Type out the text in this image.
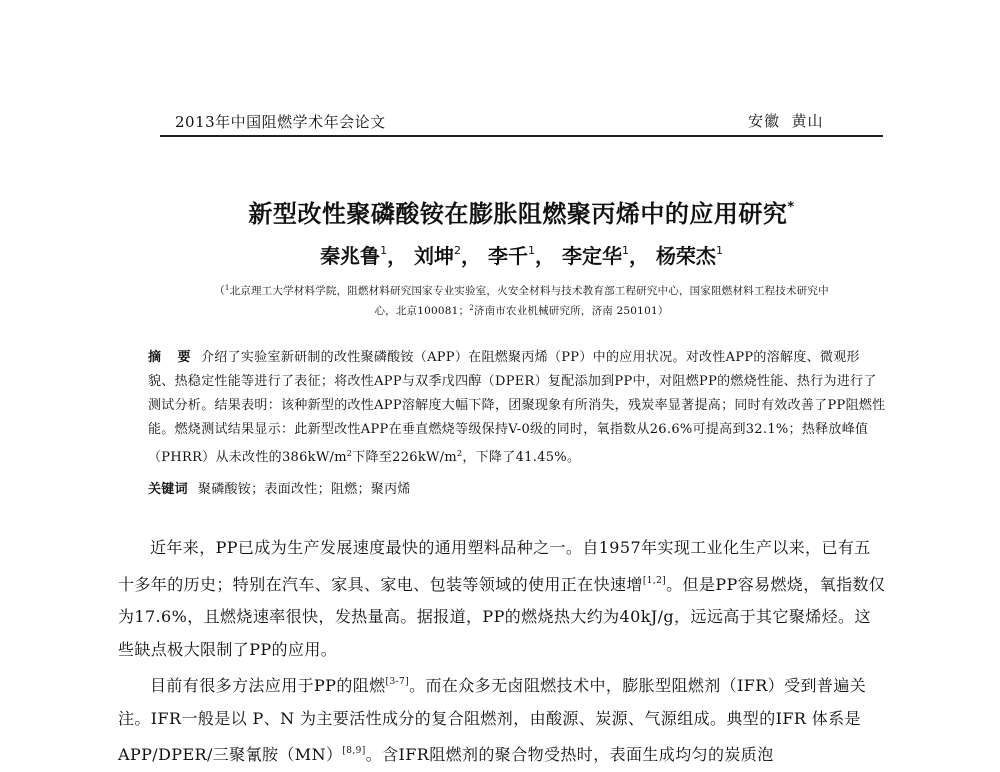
2013年中国阻燃学术年会论文	安徽  黄山
新型改性聚磷酸铵在膨胀阻燃聚丙烯中的应用研究*
秦兆鲁$^1$， 刘坤$^2$， 李千$^1$， 李定华$^1$， 杨荣杰$^1$
（$^1$北京理工大学材料学院，阻燃材料研究国家专业实验室，火安全材料与技术教育部工程研究中心，国家阻燃材料工程技术研究中
心，北京100081；$^2$济南市农业机械研究所，济南 250101）
摘 要 介绍了实验室新研制的改性聚磷酸铵（APP）在阻燃聚丙烯（PP）中的应用状况。对改性APP的溶解度、微观形貌、热稳定性能等进行了表征；将改性APP与双季戊四醇（DPER）复配添加到PP中，对阻燃PP的燃烧性能、热行为进行了测试分析。结果表明：该种新型的改性APP溶解度大幅下降，团聚现象有所消失，残炭率显著提高；同时有效改善了PP阻燃性能。燃烧测试结果显示：此新型改性APP在垂直燃烧等级保持V-0级的同时，氧指数从26.6%可提高到32.1%；热释放峰值（PHRR）从未改性的$386kW/m^2$下降至$226kW/m^2$，下降了41.45%。
关键词 聚磷酸铵；表面改性；阻燃；聚丙烯

近年来，PP已成为生产发展速度最快的通用塑料品种之一。自1957年实现工业化生产以来，已有五十多年的历史；特别在汽车、家具、家电、包装等领域的使用正在快速增[1,2]。但是PP容易燃烧，氧指数仅为17.6%，且燃烧速率很快，发热量高。据报道，PP的燃烧热大约为40kJ/g，远远高于其它聚烯烃。这些缺点极大限制了PP的应用。

目前有很多方法应用于PP的阻燃[3-7]。而在众多无卤阻燃技术中，膨胀型阻燃剂（IFR）受到普遍关注。IFR一般是以 P、N 为主要活性成分的复合阻燃剂，由酸源、炭源、气源组成。典型的IFR 体系是APP/DPER/三聚氰胺（MN）[8,9]。含IFR阻燃剂的聚合物受热时，表面生成均匀的炭质泡
